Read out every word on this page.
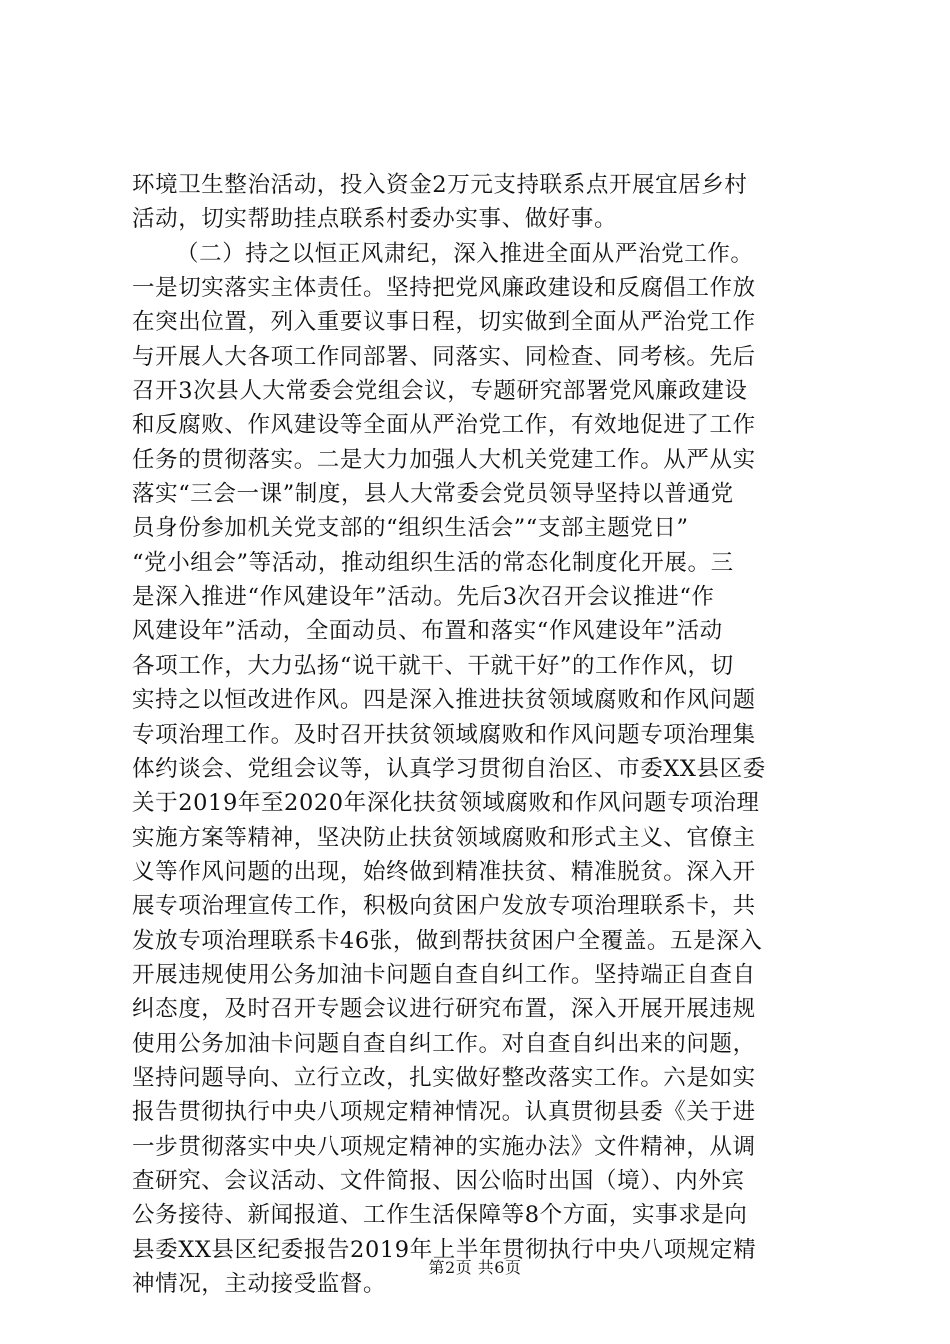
环境卫生整治活动，投入资金2万元支持联系点开展宜居乡村
活动，切实帮助挂点联系村委办实事、做好事。
（二）持之以恒正风肃纪，深入推进全面从严治党工作。
一是切实落实主体责任。坚持把党风廉政建设和反腐倡工作放
在突出位置，列入重要议事日程，切实做到全面从严治党工作
与开展人大各项工作同部署、同落实、同检查、同考核。先后
召开3次县人大常委会党组会议，专题研究部署党风廉政建设
和反腐败、作风建设等全面从严治党工作，有效地促进了工作
任务的贯彻落实。二是大力加强人大机关党建工作。从严从实
落实“三会一课”制度，县人大常委会党员领导坚持以普通党
员身份参加机关党支部的“组织生活会”“支部主题党日”
“党小组会”等活动，推动组织生活的常态化制度化开展。三
是深入推进“作风建设年”活动。先后3次召开会议推进“作
风建设年”活动，全面动员、布置和落实“作风建设年”活动
各项工作，大力弘扬“说干就干、干就干好”的工作作风，切
实持之以恒改进作风。四是深入推进扶贫领域腐败和作风问题
专项治理工作。及时召开扶贫领域腐败和作风问题专项治理集
体约谈会、党组会议等，认真学习贯彻自治区、市委XX县区委
关于2019年至2020年深化扶贫领域腐败和作风问题专项治理
实施方案等精神，坚决防止扶贫领域腐败和形式主义、官僚主
义等作风问题的出现，始终做到精准扶贫、精准脱贫。深入开
展专项治理宣传工作，积极向贫困户发放专项治理联系卡，共
发放专项治理联系卡46张，做到帮扶贫困户全覆盖。五是深入
开展违规使用公务加油卡问题自查自纠工作。坚持端正自查自
纠态度，及时召开专题会议进行研究布置，深入开展开展违规
使用公务加油卡问题自查自纠工作。对自查自纠出来的问题，
坚持问题导向、立行立改，扎实做好整改落实工作。六是如实
报告贯彻执行中央八项规定精神情况。认真贯彻县委《关于进
一步贯彻落实中央八项规定精神的实施办法》文件精神，从调
查研究、会议活动、文件简报、因公临时出国（境）、内外宾
公务接待、新闻报道、工作生活保障等8个方面，实事求是向
县委XX县区纪委报告2019年上半年贯彻执行中央八项规定精
神情况，主动接受监督。
第2页 共6页
